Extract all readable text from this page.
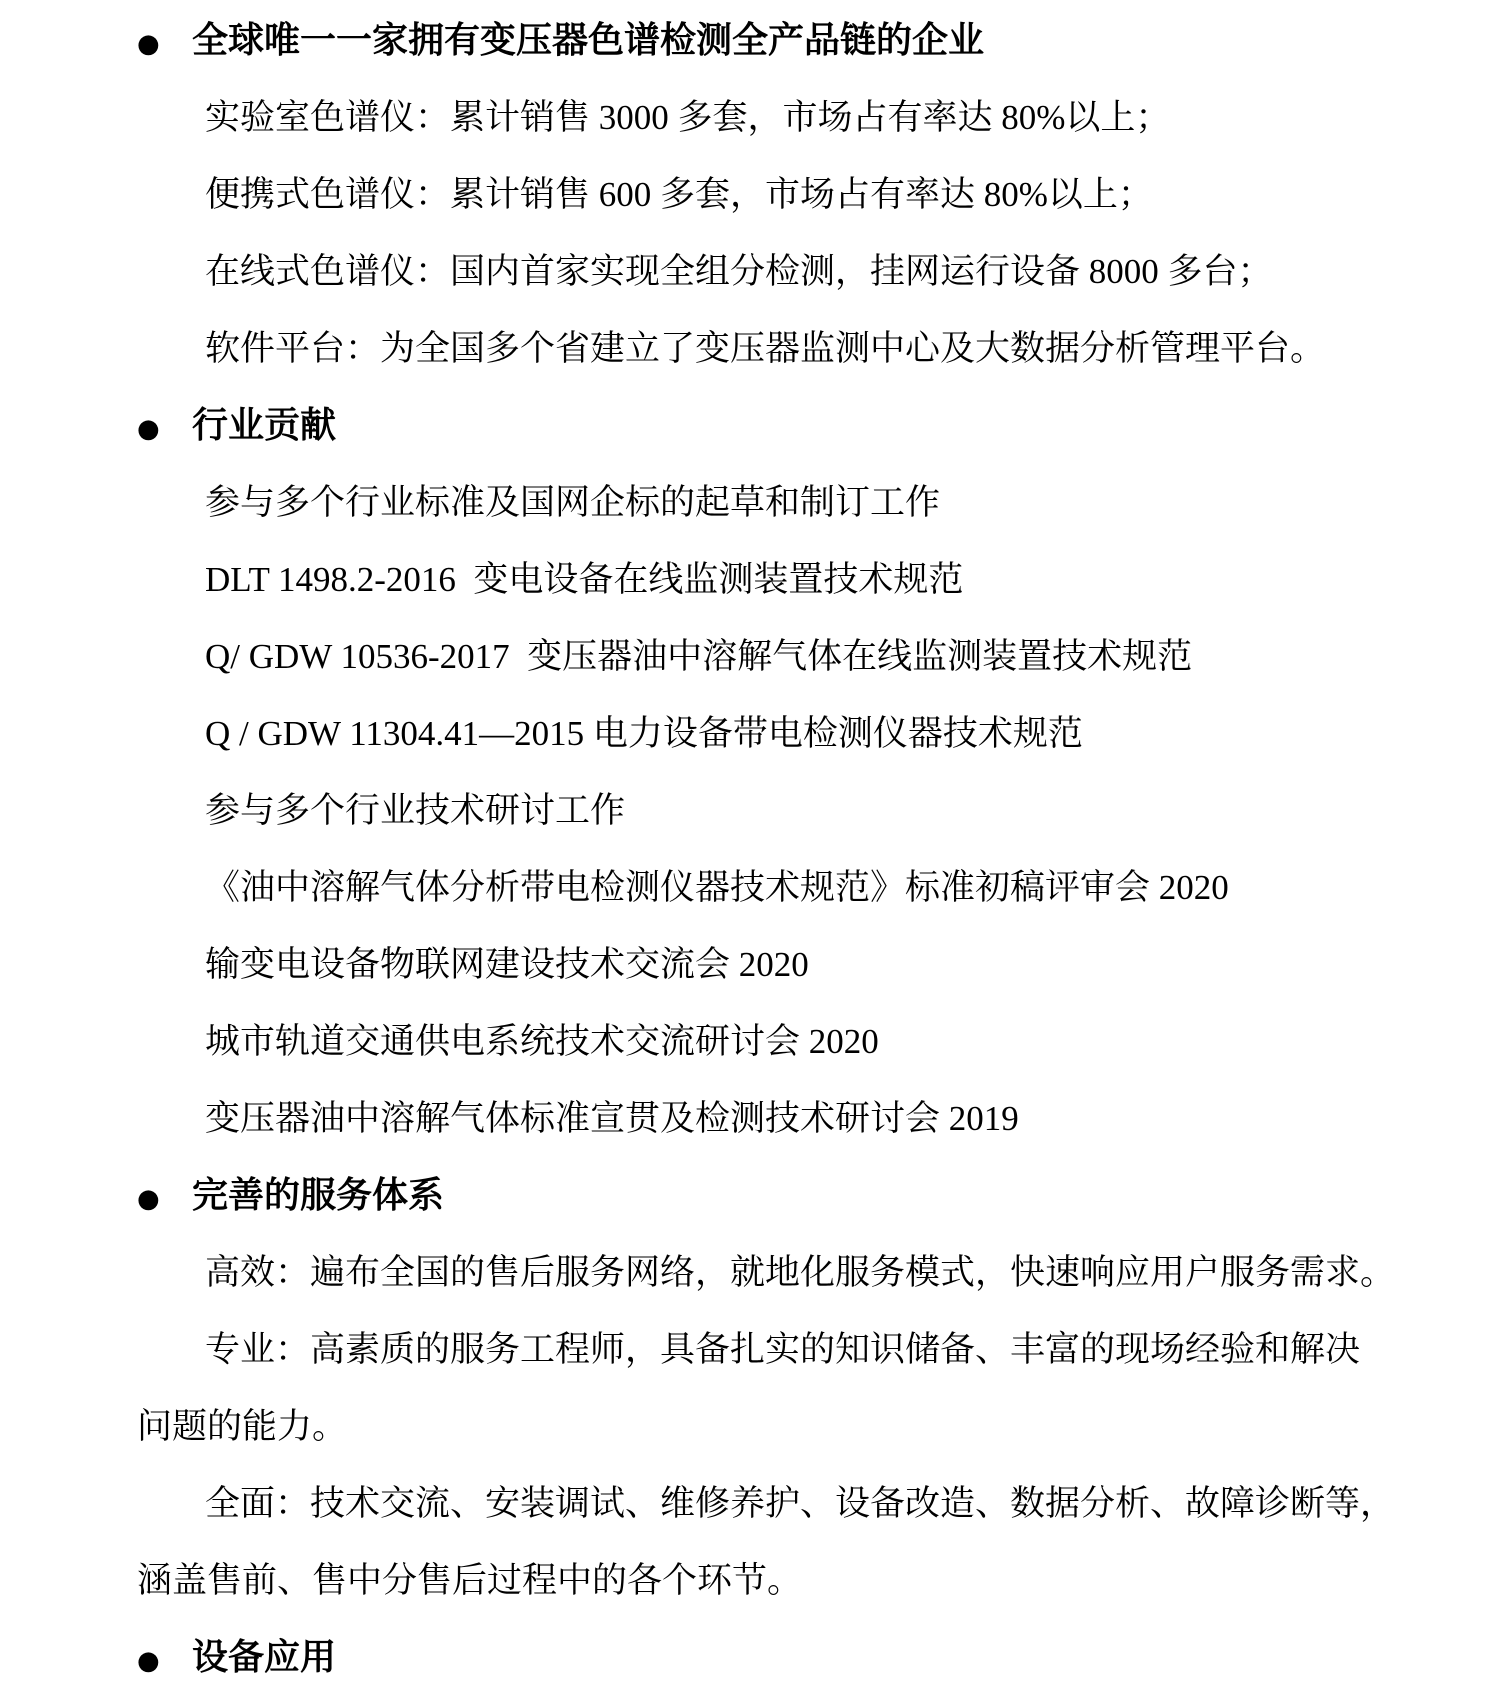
● 全球唯一一家拥有变压器色谱检测全产品链的企业
实验室色谱仪：累计销售 3000 多套，市场占有率达 80%以上；
便携式色谱仪：累计销售 600 多套，市场占有率达 80%以上；
在线式色谱仪：国内首家实现全组分检测，挂网运行设备 8000 多台；
软件平台：为全国多个省建立了变压器监测中心及大数据分析管理平台。
● 行业贡献
参与多个行业标准及国网企标的起草和制订工作
DLT 1498.2-2016  变电设备在线监测装置技术规范
Q/ GDW 10536-2017  变压器油中溶解气体在线监测装置技术规范
Q / GDW 11304.41—2015 电力设备带电检测仪器技术规范
参与多个行业技术研讨工作
《油中溶解气体分析带电检测仪器技术规范》标准初稿评审会 2020
输变电设备物联网建设技术交流会 2020
城市轨道交通供电系统技术交流研讨会 2020
变压器油中溶解气体标准宣贯及检测技术研讨会 2019
● 完善的服务体系
高效：遍布全国的售后服务网络，就地化服务模式，快速响应用户服务需求。
专业：高素质的服务工程师，具备扎实的知识储备、丰富的现场经验和解决
问题的能力。
全面：技术交流、安装调试、维修养护、设备改造、数据分析、故障诊断等，
涵盖售前、售中分售后过程中的各个环节。
● 设备应用
